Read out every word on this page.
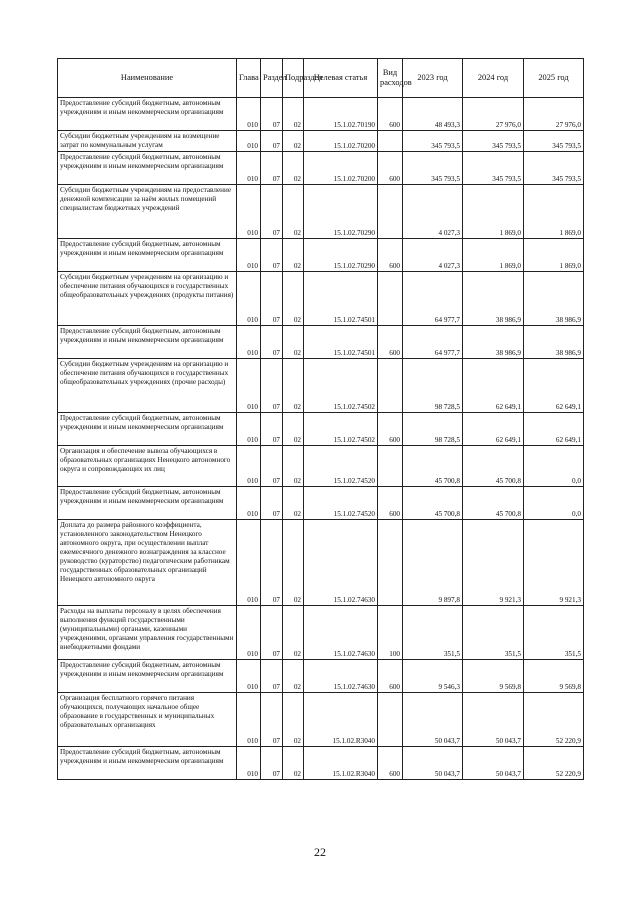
Наименование	Глава	Раздел	Подраздел	Целевая статья	Вид расходов	2023 год	2024 год	2025 год
Предоставление субсидий бюджетным, автономным учреждениям и иным некоммерческим организациям	010	07	02	15.1.02.70190	600	48 493,3	27 976,0	27 976,0
Субсидии бюджетным учреждениям на возмещение затрат по коммунальным услугам	010	07	02	15.1.02.70200		345 793,5	345 793,5	345 793,5
Предоставление субсидий бюджетным, автономным учреждениям и иным некоммерческим организациям	010	07	02	15.1.02.70200	600	345 793,5	345 793,5	345 793,5
Субсидии бюджетным учреждениям на предоставление денежной компенсации за наём жилых помещений специалистам бюджетных учреждений	010	07	02	15.1.02.70290		4 027,3	1 869,0	1 869,0
Предоставление субсидий бюджетным, автономным учреждениям и иным некоммерческим организациям	010	07	02	15.1.02.70290	600	4 027,3	1 869,0	1 869,0
Субсидии бюджетным учреждениям на организацию и обеспечение питания обучающихся в государственных общеобразовательных учреждениях (продукты питания)	010	07	02	15.1.02.74501		64 977,7	38 986,9	38 986,9
Предоставление субсидий бюджетным, автономным учреждениям и иным некоммерческим организациям	010	07	02	15.1.02.74501	600	64 977,7	38 986,9	38 986,9
Субсидии бюджетным учреждениям на организацию и обеспечение питания обучающихся в государственных общеобразовательных учреждениях (прочие расходы)	010	07	02	15.1.02.74502		98 728,5	62 649,1	62 649,1
Предоставление субсидий бюджетным, автономным учреждениям и иным некоммерческим организациям	010	07	02	15.1.02.74502	600	98 728,5	62 649,1	62 649,1
Организация и обеспечение вывоза обучающихся в образовательных организациях Ненецкого автономного округа и сопровождающих их лиц	010	07	02	15.1.02.74520		45 700,8	45 700,8	0,0
Предоставление субсидий бюджетным, автономным учреждениям и иным некоммерческим организациям	010	07	02	15.1.02.74520	600	45 700,8	45 700,8	0,0
Доплата до размера районного коэффициента, установленного законодательством Ненецкого автономного округа, при осуществлении выплат ежемесячного денежного вознаграждения за классное руководство (кураторство) педагогическим работникам государственных образовательных организаций Ненецкого автономного округа	010	07	02	15.1.02.74630		9 897,8	9 921,3	9 921,3
Расходы на выплаты персоналу в целях обеспечения выполнения функций государственными (муниципальными) органами, казенными учреждениями, органами управления государственными внебюджетными фондами	010	07	02	15.1.02.74630	100	351,5	351,5	351,5
Предоставление субсидий бюджетным, автономным учреждениям и иным некоммерческим организациям	010	07	02	15.1.02.74630	600	9 546,3	9 569,8	9 569,8
Организация бесплатного горячего питания обучающихся, получающих начальное общее образование в государственных и муниципальных образовательных организациях	010	07	02	15.1.02.R3040		50 043,7	50 043,7	52 220,9
Предоставление субсидий бюджетным, автономным учреждениям и иным некоммерческим организациям	010	07	02	15.1.02.R3040	600	50 043,7	50 043,7	52 220,9
22
